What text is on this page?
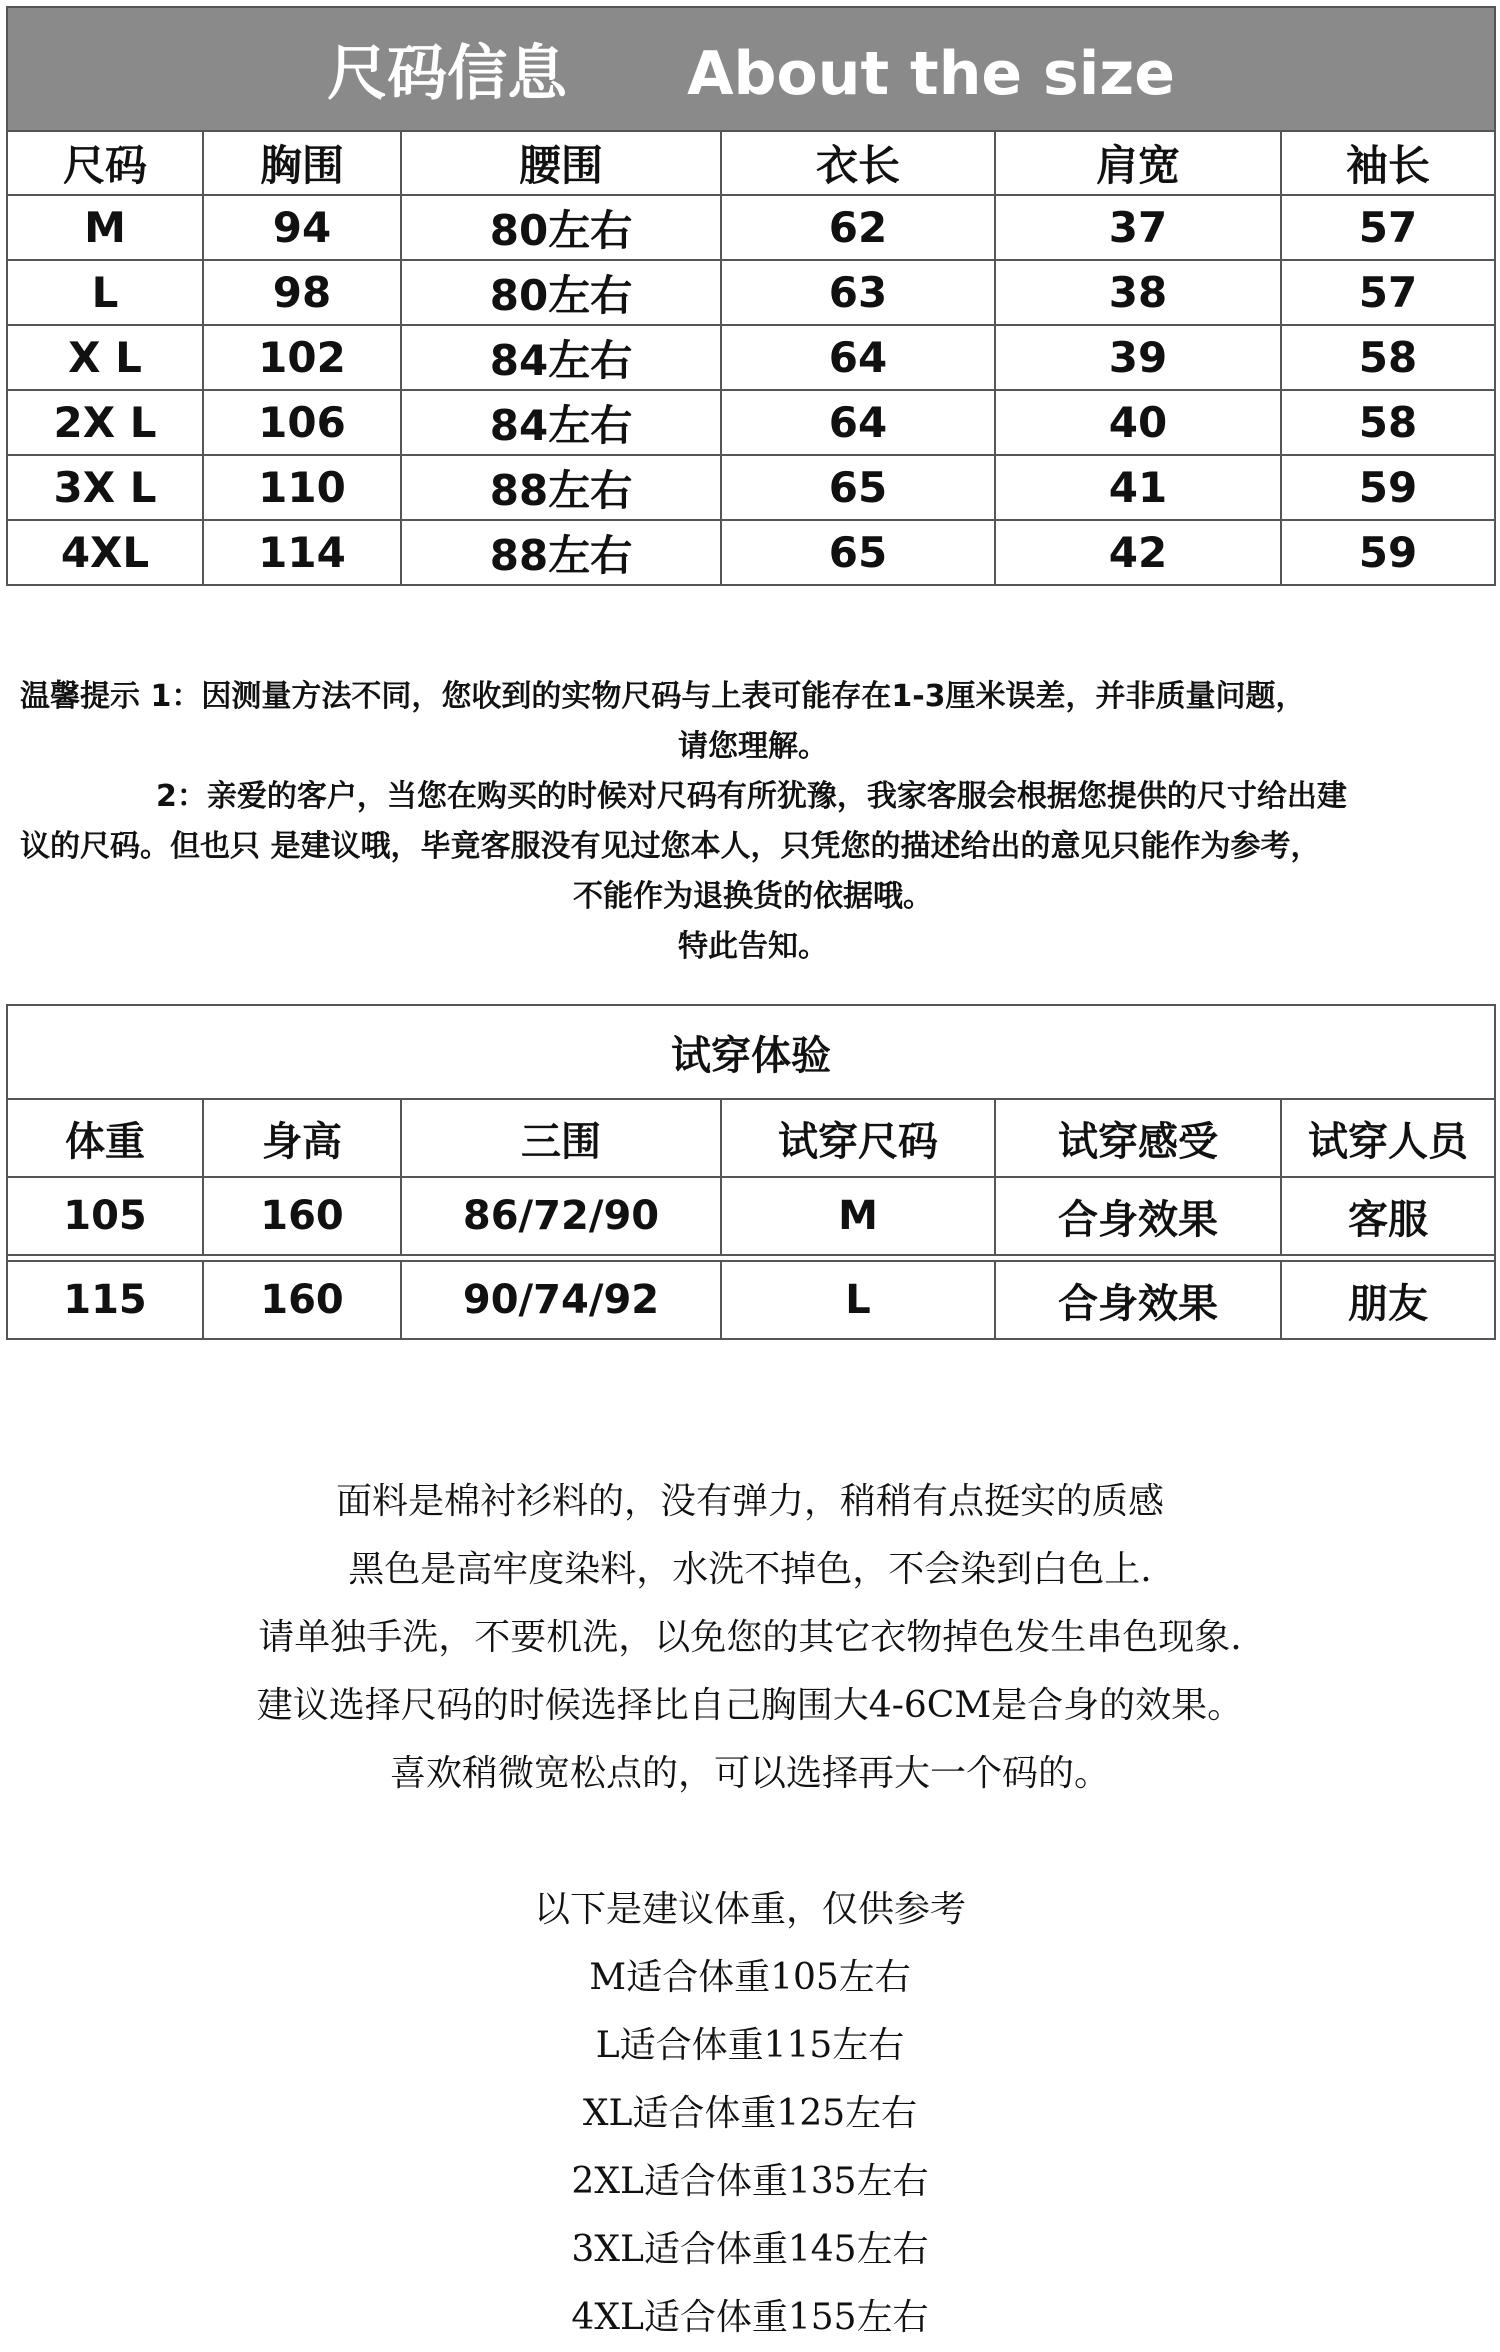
尺码信息 About the size					
尺码	胸围	腰围	衣长	肩宽	袖长
M	94	80左右	62	37	57
L	98	80左右	63	38	57
X L	102	84左右	64	39	58
2X L	106	84左右	64	40	58
3X L	110	88左右	65	41	59
4XL	114	88左右	65	42	59
温馨提示 1：因测量方法不同，您收到的实物尺码与上表可能存在1-3厘米误差，并非质量问题，
请您理解。
2：亲爱的客户，当您在购买的时候对尺码有所犹豫，我家客服会根据您提供的尺寸给出建
议的尺码。但也只 是建议哦，毕竟客服没有见过您本人，只凭您的描述给出的意见只能作为参考，
不能作为退换货的依据哦。
特此告知。
试穿体验					
体重	身高	三围	试穿尺码	试穿感受	试穿人员
105	160	86/72/90	M	合身效果	客服

115	160	90/74/92	L	合身效果	朋友
面料是棉衬衫料的，没有弹力，稍稍有点挺实的质感
黑色是高牢度染料，水洗不掉色，不会染到白色上.
请单独手洗，不要机洗，以免您的其它衣物掉色发生串色现象.
建议选择尺码的时候选择比自己胸围大4-6CM是合身的效果。
喜欢稍微宽松点的，可以选择再大一个码的。
以下是建议体重，仅供参考
M适合体重105左右
L适合体重115左右
XL适合体重125左右
2XL适合体重135左右
3XL适合体重145左右
4XL适合体重155左右
